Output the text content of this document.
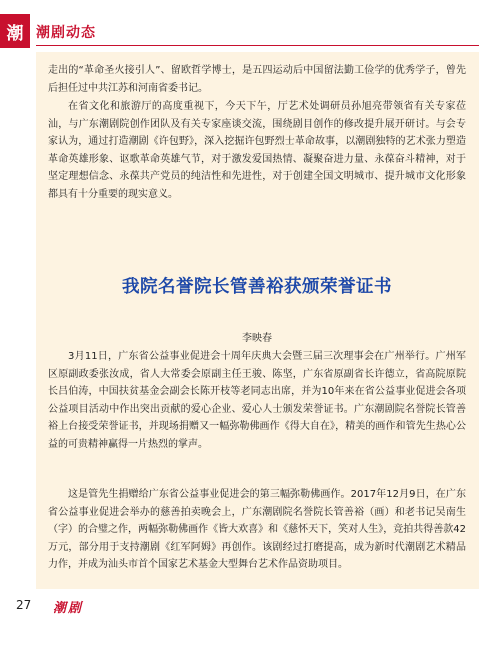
潮 潮剧动态

走出的“革命圣火接引人”、留欧哲学博士，是五四运动后中国留法勤工俭学的优秀学子，曾先后担任过中共江苏和河南省委书记。

在省文化和旅游厅的高度重视下，今天下午，厅艺术处调研员孙旭亮带领省有关专家莅汕，与广东潮剧院创作团队及有关专家座谈交流，围绕剧目创作的修改提升展开研讨。与会专家认为，通过打造潮剧《许包野》，深入挖掘许包野烈士革命故事，以潮剧独特的艺术张力塑造革命英雄形象、讴歌革命英雄气节，对于激发爱国热情、凝聚奋进力量、永葆奋斗精神，对于坚定理想信念、永葆共产党员的纯洁性和先进性，对于创建全国文明城市、提升城市文化形象都具有十分重要的现实意义。

我院名誉院长管善裕获颁荣誉证书
李映春

3月11日，广东省公益事业促进会十周年庆典大会暨三届三次理事会在广州举行。广州军区原副政委张汝成，省人大常委会原副主任王骏、陈坚，广东省原副省长许德立，省高院原院长吕伯涛，中国扶贫基金会副会长陈开枝等老同志出席，并为10年来在省公益事业促进会各项公益项目活动中作出突出贡献的爱心企业、爱心人士颁发荣誉证书。广东潮剧院名誉院长管善裕上台接受荣誉证书，并现场捐赠又一幅弥勒佛画作《得大自在》，精美的画作和管先生热心公益的可贵精神赢得一片热烈的掌声。

这是管先生捐赠给广东省公益事业促进会的第三幅弥勒佛画作。2017年12月9日，在广东省公益事业促进会举办的慈善拍卖晚会上，广东潮剧院名誉院长管善裕（画）和老书记吴南生（字）的合璧之作，两幅弥勒佛画作《皆大欢喜》和《慈怀天下，笑对人生》，竞拍共得善款42万元，部分用于支持潮剧《红军阿姆》再创作。该剧经过打磨提高，成为新时代潮剧艺术精品力作，并成为汕头市首个国家艺术基金大型舞台艺术作品资助项目。

27 潮剧
